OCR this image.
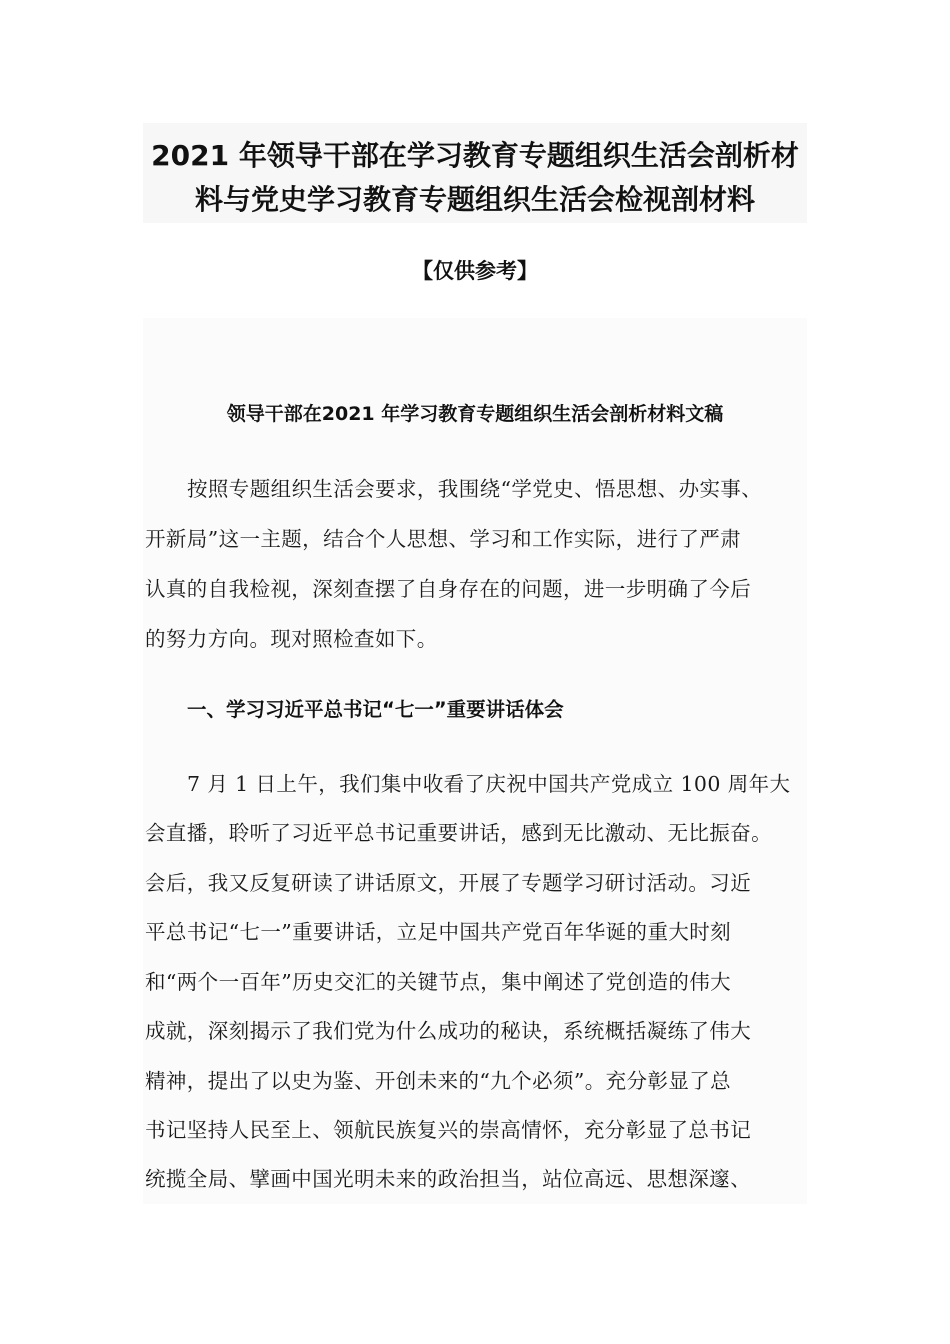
2021 年领导干部在学习教育专题组织生活会剖析材
料与党史学习教育专题组织生活会检视剖材料
【仅供参考】
领导干部在2021 年学习教育专题组织生活会剖析材料文稿
按照专题组织生活会要求，我围绕“学党史、悟思想、办实事、
开新局”这一主题，结合个人思想、学习和工作实际，进行了严肃
认真的自我检视，深刻查摆了自身存在的问题，进一步明确了今后
的努力方向。现对照检查如下。
一、学习习近平总书记“七一”重要讲话体会
7 月 1 日上午，我们集中收看了庆祝中国共产党成立 100 周年大
会直播，聆听了习近平总书记重要讲话，感到无比激动、无比振奋。
会后，我又反复研读了讲话原文，开展了专题学习研讨活动。习近
平总书记“七一”重要讲话，立足中国共产党百年华诞的重大时刻
和“两个一百年”历史交汇的关键节点，集中阐述了党创造的伟大
成就，深刻揭示了我们党为什么成功的秘诀，系统概括凝练了伟大
精神，提出了以史为鉴、开创未来的“九个必须”。充分彰显了总
书记坚持人民至上、领航民族复兴的崇高情怀，充分彰显了总书记
统揽全局、擘画中国光明未来的政治担当，站位高远、思想深邃、
